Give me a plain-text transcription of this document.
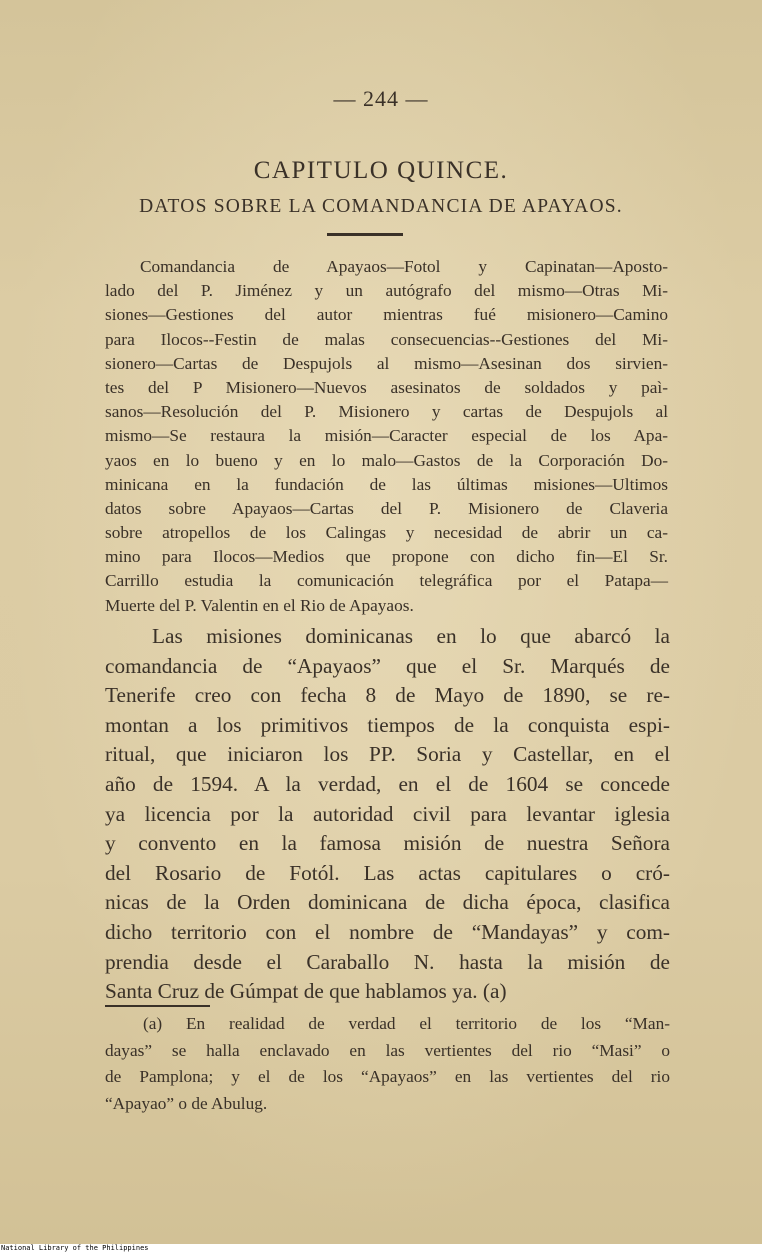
— 244 —
CAPITULO QUINCE.
DATOS SOBRE LA COMANDANCIA DE APAYAOS.
Comandancia de Apayaos—Fotol y Capinatan—Aposto-
lado del P. Jiménez y un autógrafo del mismo—Otras Mi-
siones—Gestiones del autor mientras fué misionero—Camino
para Ilocos--Festin de malas consecuencias--Gestiones del Mi-
sionero—Cartas de Despujols al mismo—Asesinan dos sirvien-
tes del P Misionero—Nuevos asesinatos de soldados y paì-
sanos—Resolución del P. Misionero y cartas de Despujols al
mismo—Se restaura la misión—Caracter especial de los Apa-
yaos en lo bueno y en lo malo—Gastos de la Corporación Do-
minicana en la fundación de las últimas misiones—Ultimos
datos sobre Apayaos—Cartas del P. Misionero de Claveria
sobre atropellos de los Calingas y necesidad de abrir un ca-
mino para Ilocos—Medios que propone con dicho fin—El Sr.
Carrillo estudia la comunicación telegráfica por el Patapa—
Muerte del P. Valentin en el Rio de Apayaos.
Las misiones dominicanas en lo que abarcó la
comandancia de “Apayaos” que el Sr. Marqués de
Tenerife creo con fecha 8 de Mayo de 1890, se re-
montan a los primitivos tiempos de la conquista espi-
ritual, que iniciaron los PP. Soria y Castellar, en el
año de 1594. A la verdad, en el de 1604 se concede
ya licencia por la autoridad civil para levantar iglesia
y convento en la famosa misión de nuestra Señora
del Rosario de Fotól. Las actas capitulares o cró-
nicas de la Orden dominicana de dicha época, clasifica
dicho territorio con el nombre de “Mandayas” y com-
prendia desde el Caraballo N. hasta la misión de
Santa Cruz de Gúmpat de que hablamos ya. (a)
(a) En realidad de verdad el territorio de los “Man-
dayas” se halla enclavado en las vertientes del rio “Masi” o
de Pamplona; y el de los “Apayaos” en las vertientes del rio
“Apayao” o de Abulug.
National Library of the Philippines
